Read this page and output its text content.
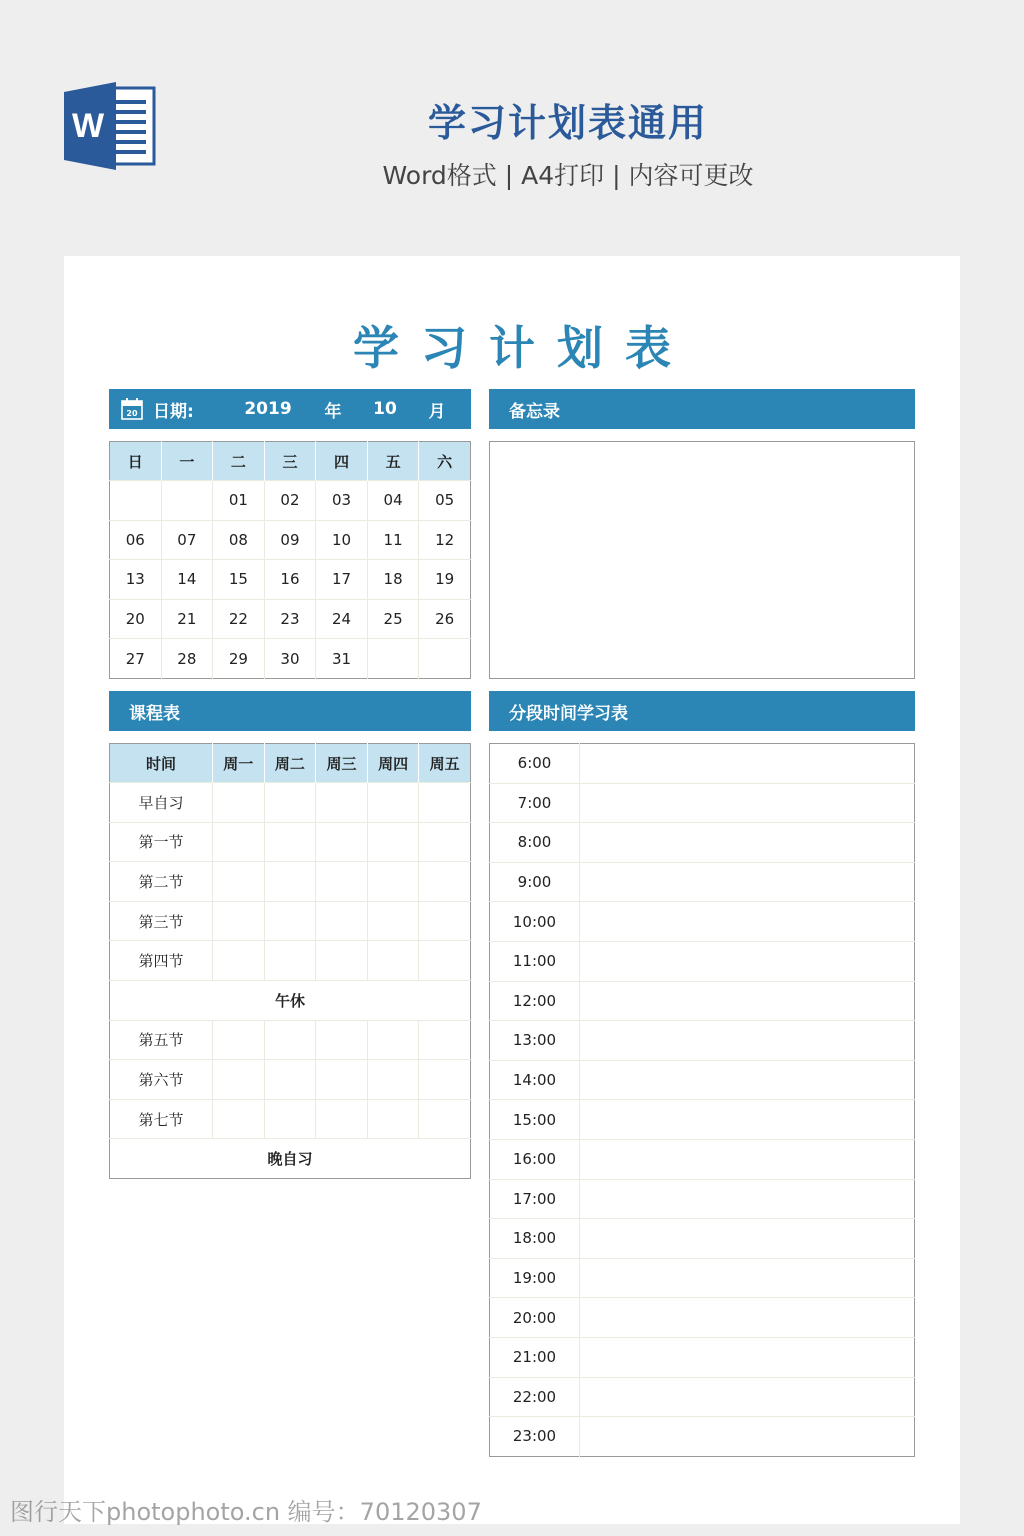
W	学习计划表通用
Word格式 | A4打印 | 内容可更改
学习计划表
20 日期:	2019	年	10	月	备忘录
日	一	二	三	四	五	六
		01	02	03	04	05
06	07	08	09	10	11	12
13	14	15	16	17	18	19
20	21	22	23	24	25	26
27	28	29	30	31		
课程表	分段时间学习表
时间	周一	周二	周三	周四	周五
早自习					
第一节					
第二节					
第三节					
第四节					
午休					
第五节					
第六节					
第七节					
晚自习					
6:00	
7:00	
8:00	
9:00	
10:00	
11:00	
12:00	
13:00	
14:00	
15:00	
16:00	
17:00	
18:00	
19:00	
20:00	
21:00	
22:00	
23:00	
图行天下photophoto.cn 编号：70120307
